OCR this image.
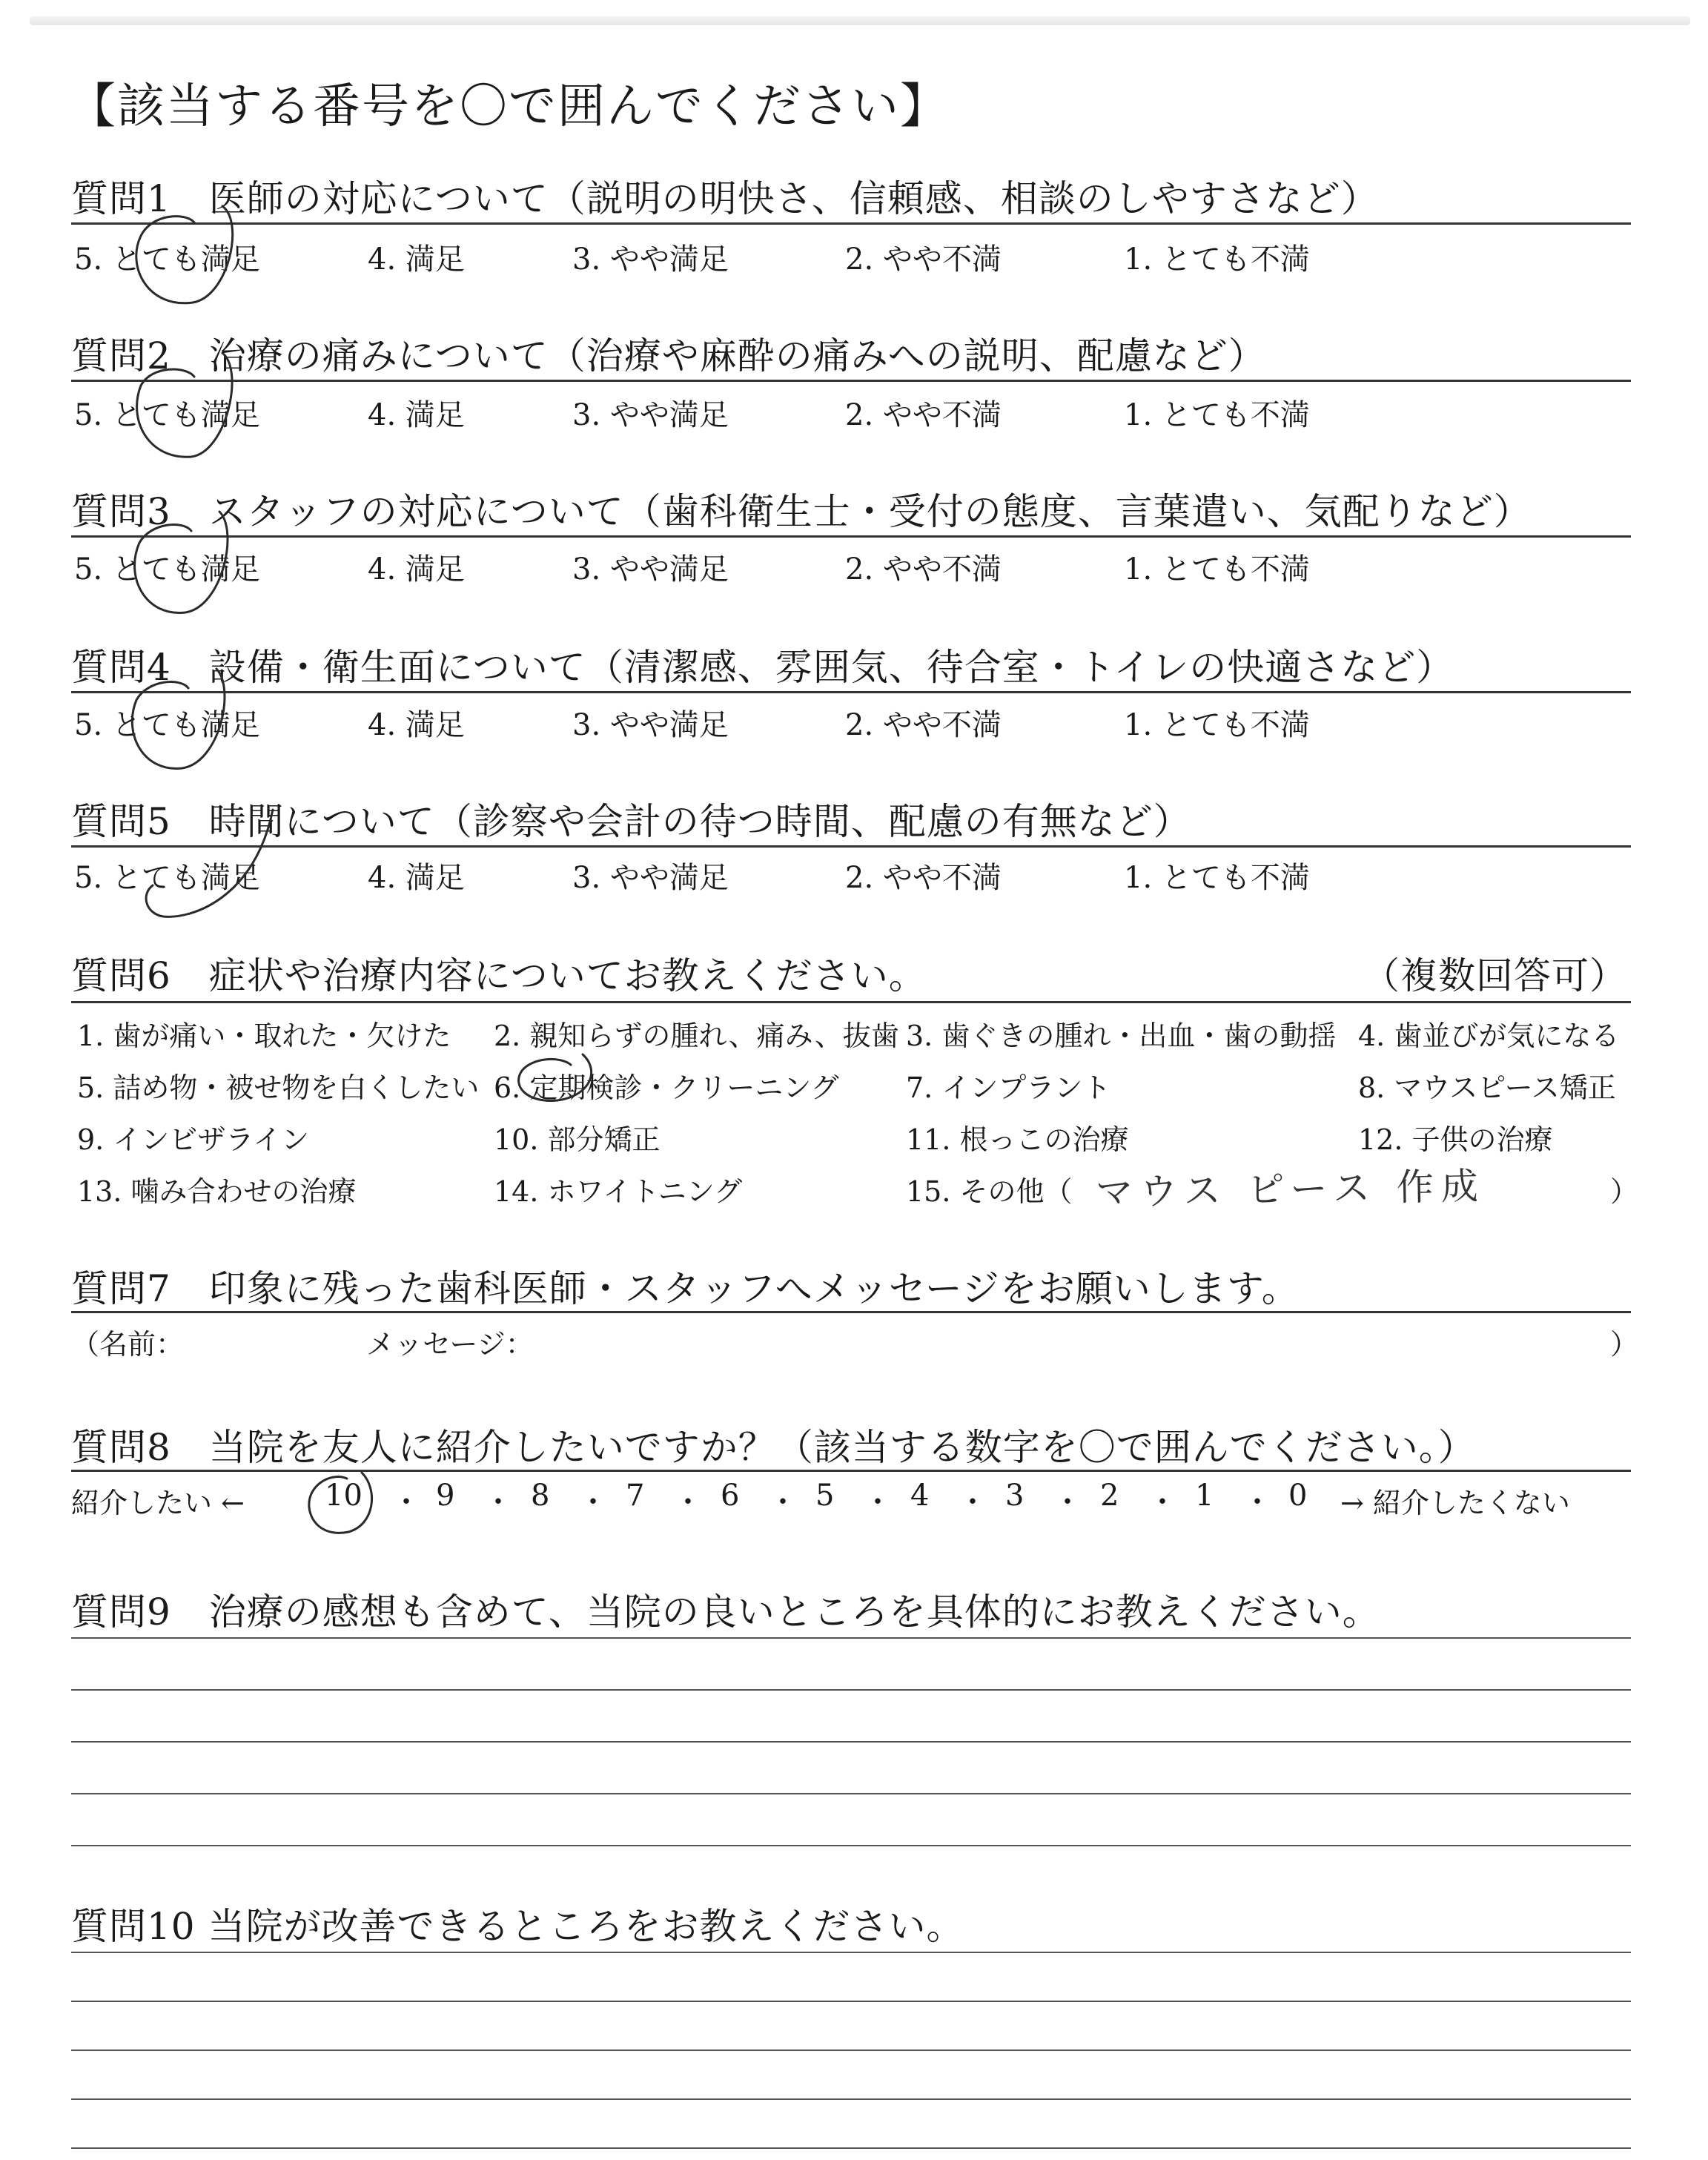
【該当する番号を〇で囲んでください】
質問1　医師の対応について（説明の明快さ、信頼感、相談のしやすさなど）
5. とても満足	4. 満足	3. やや満足	2. やや不満	1. とても不満
質問2　治療の痛みについて（治療や麻酔の痛みへの説明、配慮など）
5. とても満足	4. 満足	3. やや満足	2. やや不満	1. とても不満
質問3　スタッフの対応について（歯科衛生士・受付の態度、言葉遣い、気配りなど）
5. とても満足	4. 満足	3. やや満足	2. やや不満	1. とても不満
質問4　設備・衛生面について（清潔感、雰囲気、待合室・トイレの快適さなど）
5. とても満足	4. 満足	3. やや満足	2. やや不満	1. とても不満
質問5　時間について（診察や会計の待つ時間、配慮の有無など）
5. とても満足	4. 満足	3. やや満足	2. やや不満	1. とても不満
質問6　症状や治療内容についてお教えください。	（複数回答可）
1. 歯が痛い・取れた・欠けた 2. 親知らずの腫れ、痛み、抜歯 3. 歯ぐきの腫れ・出血・歯の動揺 4. 歯並びが気になる
5. 詰め物・被せ物を白くしたい 6. 定期検診・クリーニング 7. インプラント	8. マウスピース矯正
9. インビザライン	10. 部分矯正	11. 根っこの治療	12. 子供の治療
13. 噛み合わせの治療	14. ホワイトニング	15. その他（ マウス ピース 作成	）
質問7　印象に残った歯科医師・スタッフへメッセージをお願いします。
（名前：	メッセージ：	）
質問8　当院を友人に紹介したいですか？（該当する数字を〇で囲んでください。）
紹介したい ←	10 ・ 9 ・ 8 ・ 7 ・ 6 ・ 5 ・ 4 ・ 3 ・ 2 ・ 1 ・ 0 → 紹介したくない
質問9　治療の感想も含めて、当院の良いところを具体的にお教えください。
質問10 当院が改善できるところをお教えください。
